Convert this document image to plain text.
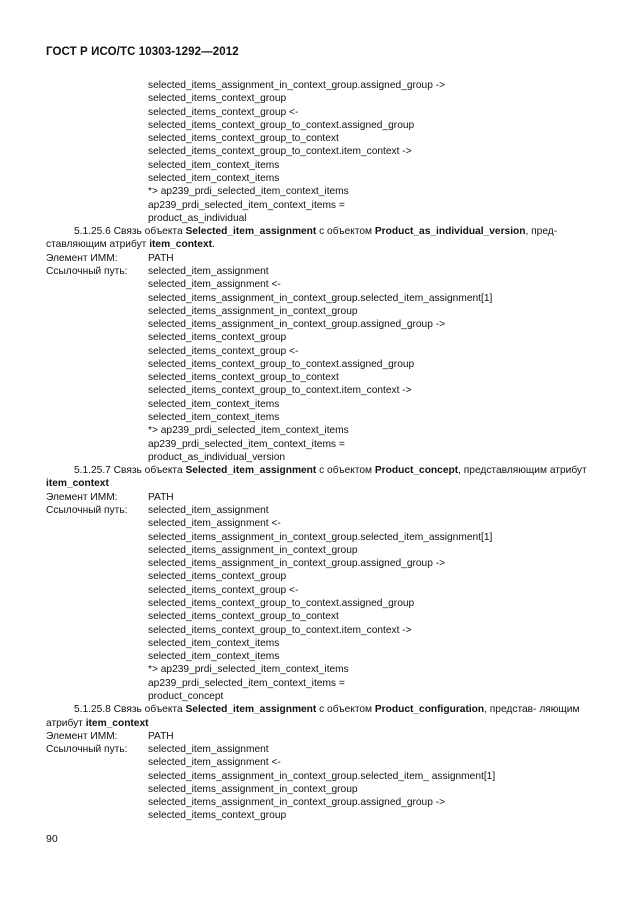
ГОСТ Р ИСО/ТС 10303-1292—2012
selected_items_assignment_in_context_group.assigned_group ->
selected_items_context_group
selected_items_context_group <-
selected_items_context_group_to_context.assigned_group
selected_items_context_group_to_context
selected_items_context_group_to_context.item_context ->
selected_item_context_items
selected_item_context_items
*> ap239_prdi_selected_item_context_items
ap239_prdi_selected_item_context_items =
product_as_individual
5.1.25.6 Связь объекта Selected_item_assignment с объектом Product_as_individual_version, пред- ставляющим атрибут item_context.
Элемент ИММ:	PATH
Ссылочный путь:	selected_item_assignment
selected_item_assignment <-
selected_items_assignment_in_context_group.selected_item_assignment[1]
selected_items_assignment_in_context_group
selected_items_assignment_in_context_group.assigned_group ->
selected_items_context_group
selected_items_context_group <-
selected_items_context_group_to_context.assigned_group
selected_items_context_group_to_context
selected_items_context_group_to_context.item_context ->
selected_item_context_items
selected_item_context_items
*> ap239_prdi_selected_item_context_items
ap239_prdi_selected_item_context_items =
product_as_individual_version
5.1.25.7 Связь объекта Selected_item_assignment с объектом Product_concept, представляющим атрибут item_context
Элемент ИММ:	PATH
Ссылочный путь:	selected_item_assignment
selected_item_assignment <-
selected_items_assignment_in_context_group.selected_item_assignment[1]
selected_items_assignment_in_context_group
selected_items_assignment_in_context_group.assigned_group ->
selected_items_context_group
selected_items_context_group <-
selected_items_context_group_to_context.assigned_group
selected_items_context_group_to_context
selected_items_context_group_to_context.item_context ->
selected_item_context_items
selected_item_context_items
*> ap239_prdi_selected_item_context_items
ap239_prdi_selected_item_context_items =
product_concept
5.1.25.8 Связь объекта Selected_item_assignment с объектом Product_configuration, представ- ляющим атрибут item_context
Элемент ИММ:	PATH
Ссылочный путь:	selected_item_assignment
selected_item_assignment <-
selected_items_assignment_in_context_group.selected_item_ assignment[1]
selected_items_assignment_in_context_group
selected_items_assignment_in_context_group.assigned_group ->
selected_items_context_group
90
